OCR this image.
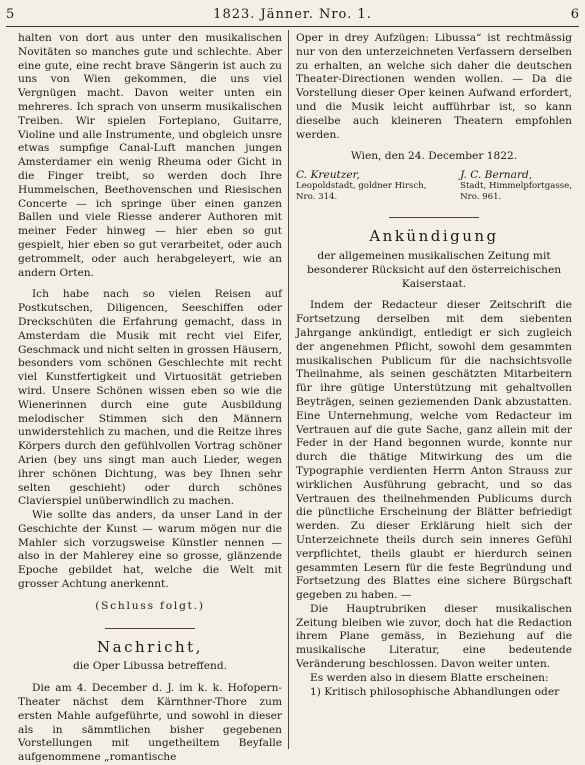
5	1823. Jänner. Nro. 1.	6

halten von dort aus unter den musikalischen Novitäten so manches gute und schlechte. Aber eine gute, eine recht brave Sängerin ist auch zu uns von Wien gekommen, die uns viel Vergnügen macht. Davon weiter unten ein mehreres. Ich sprach von unserm musikalischen Treiben. Wir spielen Fortepiano, Guitarre, Violine und alle Instrumente, und obgleich unsre etwas sumpfige Canal-Luft manchen jungen Amsterdamer ein wenig Rheuma oder Gicht in die Finger treibt, so werden doch Ihre Hummelschen, Beethovenschen und Riesischen Concerte — ich springe über einen ganzen Ballen und viele Riesse anderer Authoren mit meiner Feder hinweg — hier eben so gut gespielt, hier eben so gut verarbeitet, oder auch getrommelt, oder auch herabgeleyert, wie an andern Orten.

Ich habe nach so vielen Reisen auf Postkutschen, Diligencen, Seeschiffen oder Dreckschüten die Erfahrung gemacht, dass in Amsterdam die Musik mit recht viel Eifer, Geschmack und nicht selten in grossen Häusern, besonders vom schönen Geschlechte mit recht viel Kunstfertigkeit und Virtuosität getrieben wird. Unsere Schönen wissen eben so wie die Wienerinnen durch eine gute Ausbildung melodischer Stimmen sich den Männern unwiderstehlich zu machen, und die Reitze ihres Körpers durch den gefühlvollen Vortrag schöner Arien (bey uns singt man auch Lieder, wegen ihrer schönen Dichtung, was bey Ihnen sehr selten geschieht) oder durch schönes Clavierspiel unüberwindlich zu machen.

Wie sollte das anders, da unser Land in der Geschichte der Kunst — warum mögen nur die Mahler sich vorzugsweise Künstler nennen — also in der Mahlerey eine so grosse, glänzende Epoche gebildet hat, welche die Welt mit grosser Achtung anerkennt.

(Schluss folgt.)

Nachricht,
die Oper Libussa betreffend.

Die am 4. December d. J. im k. k. Hofopern-Theater nächst dem Kärnthner-Thore zum ersten Mahle aufgeführte, und sowohl in dieser als in sämmtlichen bisher gegebenen Vorstellungen mit ungetheiltem Beyfalle aufgenommene „romantische

Oper in drey Aufzügen: Libussa“ ist rechtmässig nur von den unterzeichneten Verfassern derselben zu erhalten, an welche sich daher die deutschen Theater-Directionen wenden wollen. — Da die Vorstellung dieser Oper keinen Aufwand erfordert, und die Musik leicht aufführbar ist, so kann dieselbe auch kleineren Theatern empfohlen werden.

Wien, den 24. December 1822.

C. Kreutzer,
Leopoldstadt, goldner Hirsch,
Nro. 314.
J. C. Bernard,
Stadt, Himmelpfortgasse,
Nro. 961.
Ankündigung
der allgemeinen musikalischen Zeitung mit besonderer Rücksicht auf den österreichischen Kaiserstaat.

Indem der Redacteur dieser Zeitschrift die Fortsetzung derselben mit dem siebenten Jahrgange ankündigt, entledigt er sich zugleich der angenehmen Pflicht, sowohl dem gesammten musikalischen Publicum für die nachsichtsvolle Theilnahme, als seinen geschätzten Mitarbeitern für ihre gütige Unterstützung mit gehaltvollen Beyträgen, seinen geziemenden Dank abzustatten. Eine Unternehmung, welche vom Redacteur im Vertrauen auf die gute Sache, ganz allein mit der Feder in der Hand begonnen wurde, konnte nur durch die thätige Mitwirkung des um die Typographie verdienten Herrn Anton Strauss zur wirklichen Ausführung gebracht, und so das Vertrauen des theilnehmenden Publicums durch die pünctliche Erscheinung der Blätter befriedigt werden. Zu dieser Erklärung hielt sich der Unterzeichnete theils durch sein inneres Gefühl verpflichtet, theils glaubt er hierdurch seinen gesammten Lesern für die feste Begründung und Fortsetzung des Blattes eine sichere Bürgschaft gegeben zu haben. —

Die Hauptrubriken dieser musikalischen Zeitung bleiben wie zuvor, doch hat die Redaction ihrem Plane gemäss, in Beziehung auf die musikalische Literatur, eine bedeutende Veränderung beschlossen. Davon weiter unten.

Es werden also in diesem Blatte erscheinen:

1) Kritisch philosophische Abhandlungen oder
